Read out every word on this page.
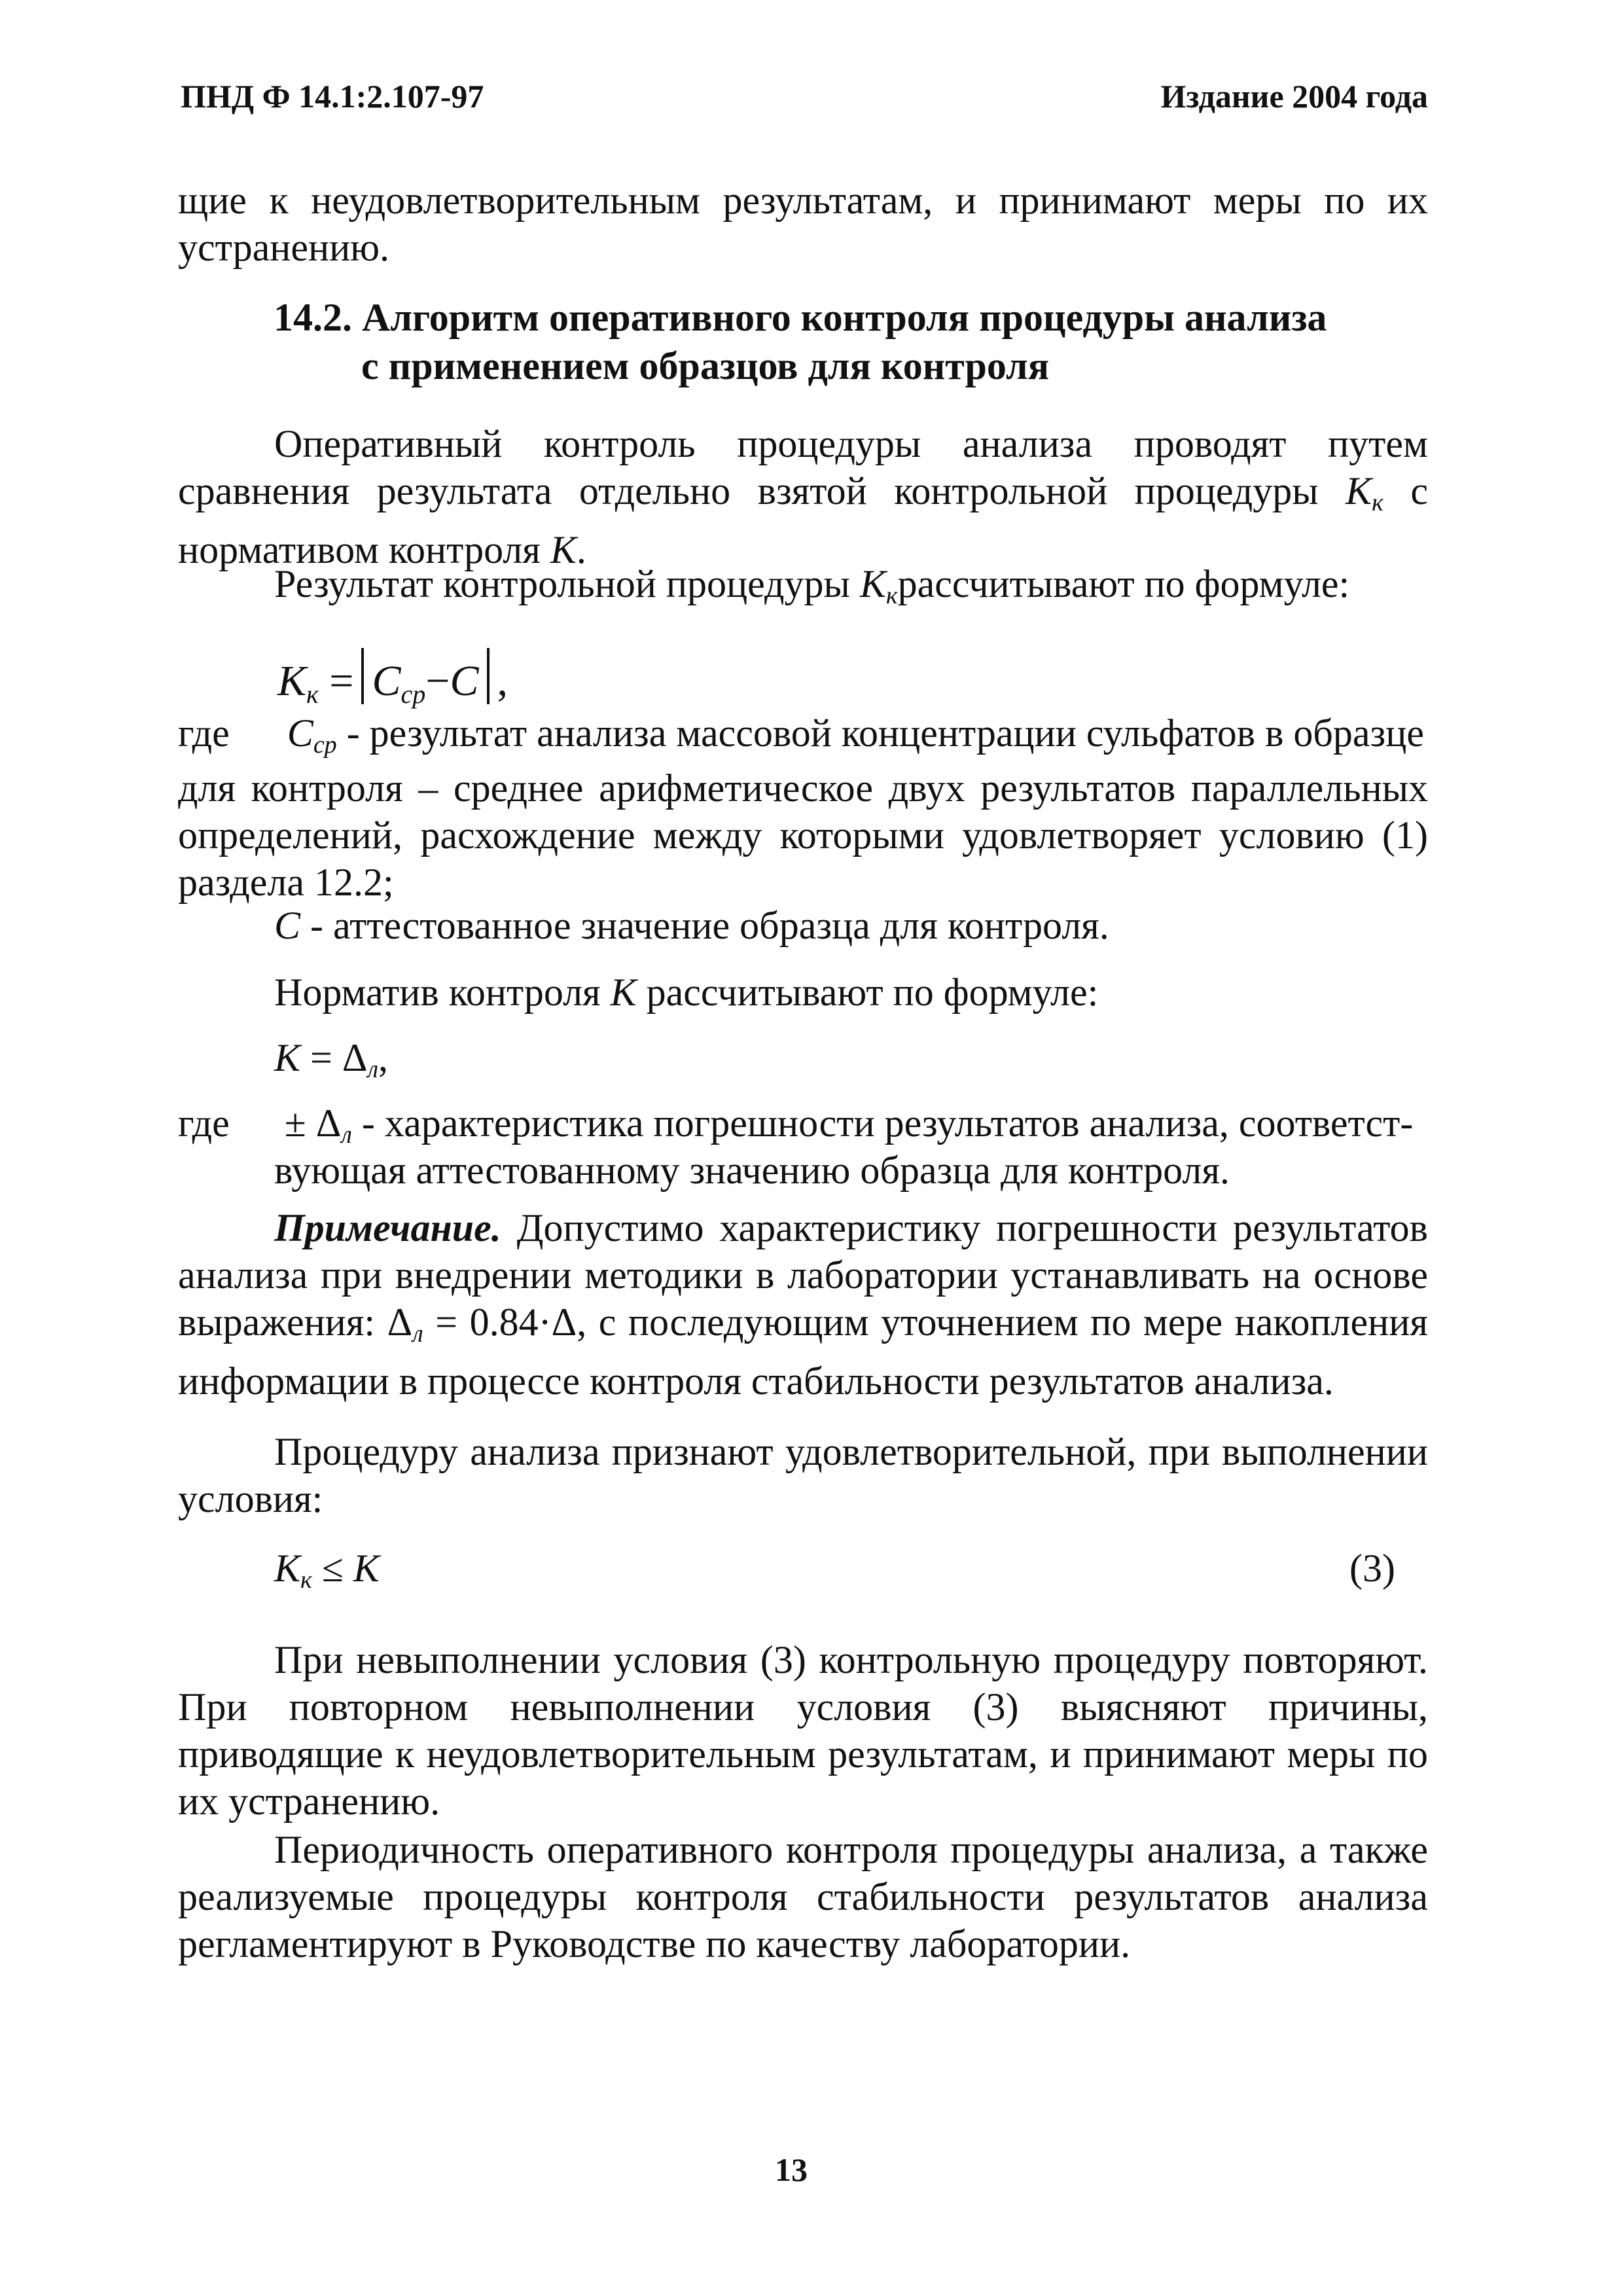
ПНД Ф 14.1:2.107-97	Издание 2004 года
щие к неудовлетворительным результатам, и принимают меры по их устранению.
14.2. Алгоритм оперативного контроля процедуры анализа
с применением образцов для контроля
Оперативный контроль процедуры анализа проводят путем сравнения результата отдельно взятой контрольной процедуры $K_к$ с нормативом контроля K.
Результат контрольной процедуры $K_крассчитывают$ по формуле:
$K_к = C_{ср}-C$ ,
где $C_{ср}$ - результат анализа массовой концентрации сульфатов в образце
для контроля – среднее арифметическое двух результатов параллельных определений, расхождение между которыми удовлетворяет условию (1) раздела 12.2;
C - аттестованное значение образца для контроля.
Норматив контроля K рассчитывают по формуле:
$K = \Delta_л$,
где ± $\Delta_л$ - характеристика погрешности результатов анализа, соответст-
вующая аттестованному значению образца для контроля.
Примечание. Допустимо характеристику погрешности результатов анализа при внедрении методики в лаборатории устанавливать на основе выражения: $\Delta_л = 0.84\cdot\Delta$, с последующим уточнением по мере накопления информации в процессе контроля стабильности результатов анализа.
Процедуру анализа признают удовлетворительной, при выполнении условия:
$K_к \le K$	(3)
При невыполнении условия (3) контрольную процедуру повторяют. При повторном невыполнении условия (3) выясняют причины, приводящие к неудовлетворительным результатам, и принимают меры по их устранению.
Периодичность оперативного контроля процедуры анализа, а также реализуемые процедуры контроля стабильности результатов анализа регламентируют в Руководстве по качеству лаборатории.
13
